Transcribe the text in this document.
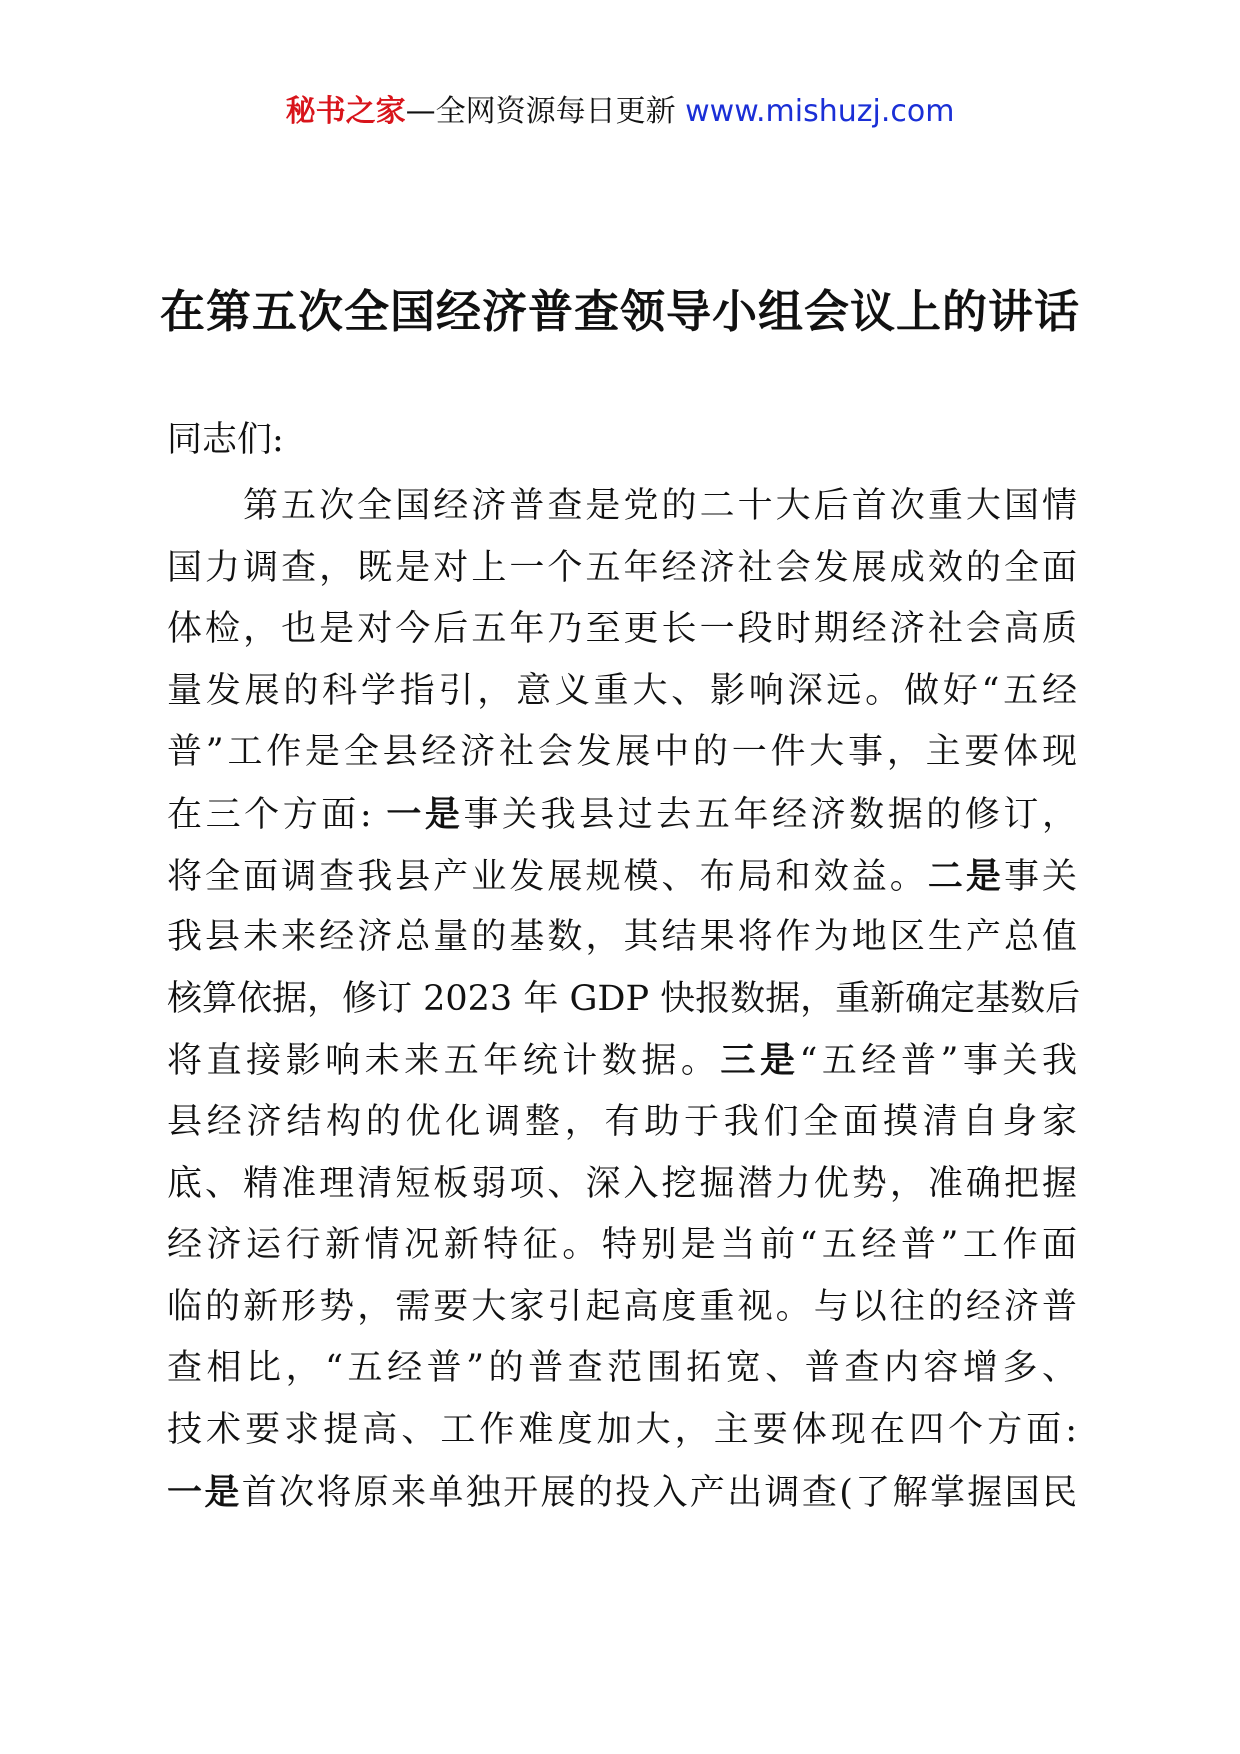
秘书之家—全网资源每日更新 www.mishuzj.com
在第五次全国经济普查领导小组会议上的讲话
同志们:
第五次全国经济普查是党的二十大后首次重大国情
国力调查，既是对上一个五年经济社会发展成效的全面
体检，也是对今后五年乃至更长一段时期经济社会高质
量发展的科学指引，意义重大、影响深远。做好“五经
普”工作是全县经济社会发展中的一件大事，主要体现
在三个方面: 一是事关我县过去五年经济数据的修订，
将全面调查我县产业发展规模、布局和效益。二是事关
我县未来经济总量的基数，其结果将作为地区生产总值
核算依据，修订 2023 年 GDP 快报数据，重新确定基数后
将直接影响未来五年统计数据。三是“五经普”事关我
县经济结构的优化调整，有助于我们全面摸清自身家
底、精准理清短板弱项、深入挖掘潜力优势，准确把握
经济运行新情况新特征。特别是当前“五经普”工作面
临的新形势，需要大家引起高度重视。与以往的经济普
查相比，“五经普”的普查范围拓宽、普查内容增多、
技术要求提高、工作难度加大，主要体现在四个方面:
一是首次将原来单独开展的投入产出调查(了解掌握国民
